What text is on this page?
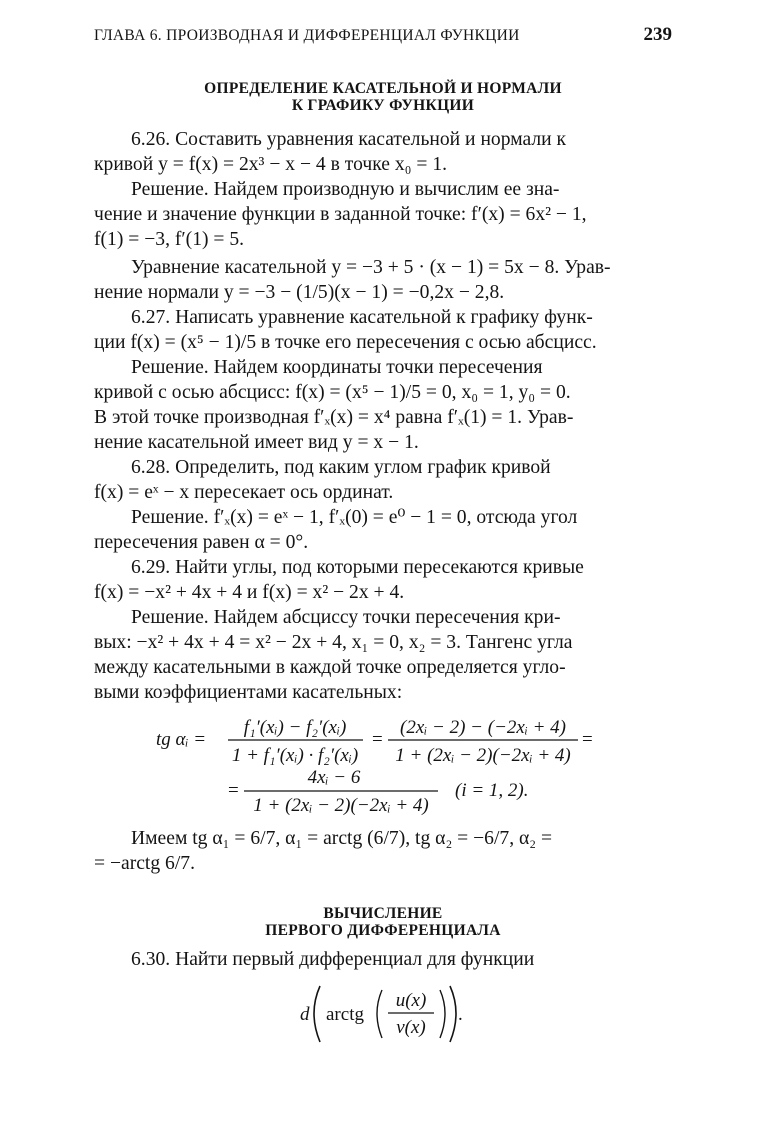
ГЛАВА 6. ПРОИЗВОДНАЯ И ДИФФЕРЕНЦИАЛ ФУНКЦИИ	239
ОПРЕДЕЛЕНИЕ КАСАТЕЛЬНОЙ И НОРМАЛИ
К ГРАФИКУ ФУНКЦИИ
6.26. Составить уравнения касательной и нормали к
кривой y = f(x) = 2x³ − x − 4 в точке x₀ = 1.
Решение. Найдем производную и вычислим ее зна-
чение и значение функции в заданной точке: f′(x) = 6x² − 1,
f(1) = −3, f′(1) = 5.
Уравнение касательной y = −3 + 5 · (x − 1) = 5x − 8. Урав-
нение нормали y = −3 − (1/5)(x − 1) = −0,2x − 2,8.
6.27. Написать уравнение касательной к графику функ-
ции f(x) = (x⁵ − 1)/5 в точке его пересечения с осью абсцисс.
Решение. Найдем координаты точки пересечения
кривой с осью абсцисс: f(x) = (x⁵ − 1)/5 = 0, x₀ = 1, y₀ = 0.
В этой точке производная f′ₓ(x) = x⁴ равна f′ₓ(1) = 1. Урав-
нение касательной имеет вид y = x − 1.
6.28. Определить, под каким углом график кривой
f(x) = eˣ − x пересекает ось ординат.
Решение. f′ₓ(x) = eˣ − 1, f′ₓ(0) = e⁰ − 1 = 0, отсюда угол
пересечения равен α = 0°.
6.29. Найти углы, под которыми пересекаются кривые
f(x) = −x² + 4x + 4 и f(x) = x² − 2x + 4.
Решение. Найдем абсциссу точки пересечения кри-
вых: −x² + 4x + 4 = x² − 2x + 4, x₁ = 0, x₂ = 3. Тангенс угла
между касательными в каждой точке определяется угло-
выми коэффициентами касательных:
tg αᵢ =
f₁′(xᵢ) − f₂′(xᵢ)
1 + f₁′(xᵢ) · f₂′(xᵢ)
=
(2xᵢ − 2) − (−2xᵢ + 4)
1 + (2xᵢ − 2)(−2xᵢ + 4)
=
=
4xᵢ − 6
1 + (2xᵢ − 2)(−2xᵢ + 4)
(i = 1, 2).
Имеем tg α₁ = 6/7, α₁ = arctg (6/7), tg α₂ = −6/7, α₂ =
= −arctg 6/7.
ВЫЧИСЛЕНИЕ
ПЕРВОГО ДИФФЕРЕНЦИАЛА
6.30. Найти первый дифференциал для функции
d arctg
u(x)
v(x)
.
